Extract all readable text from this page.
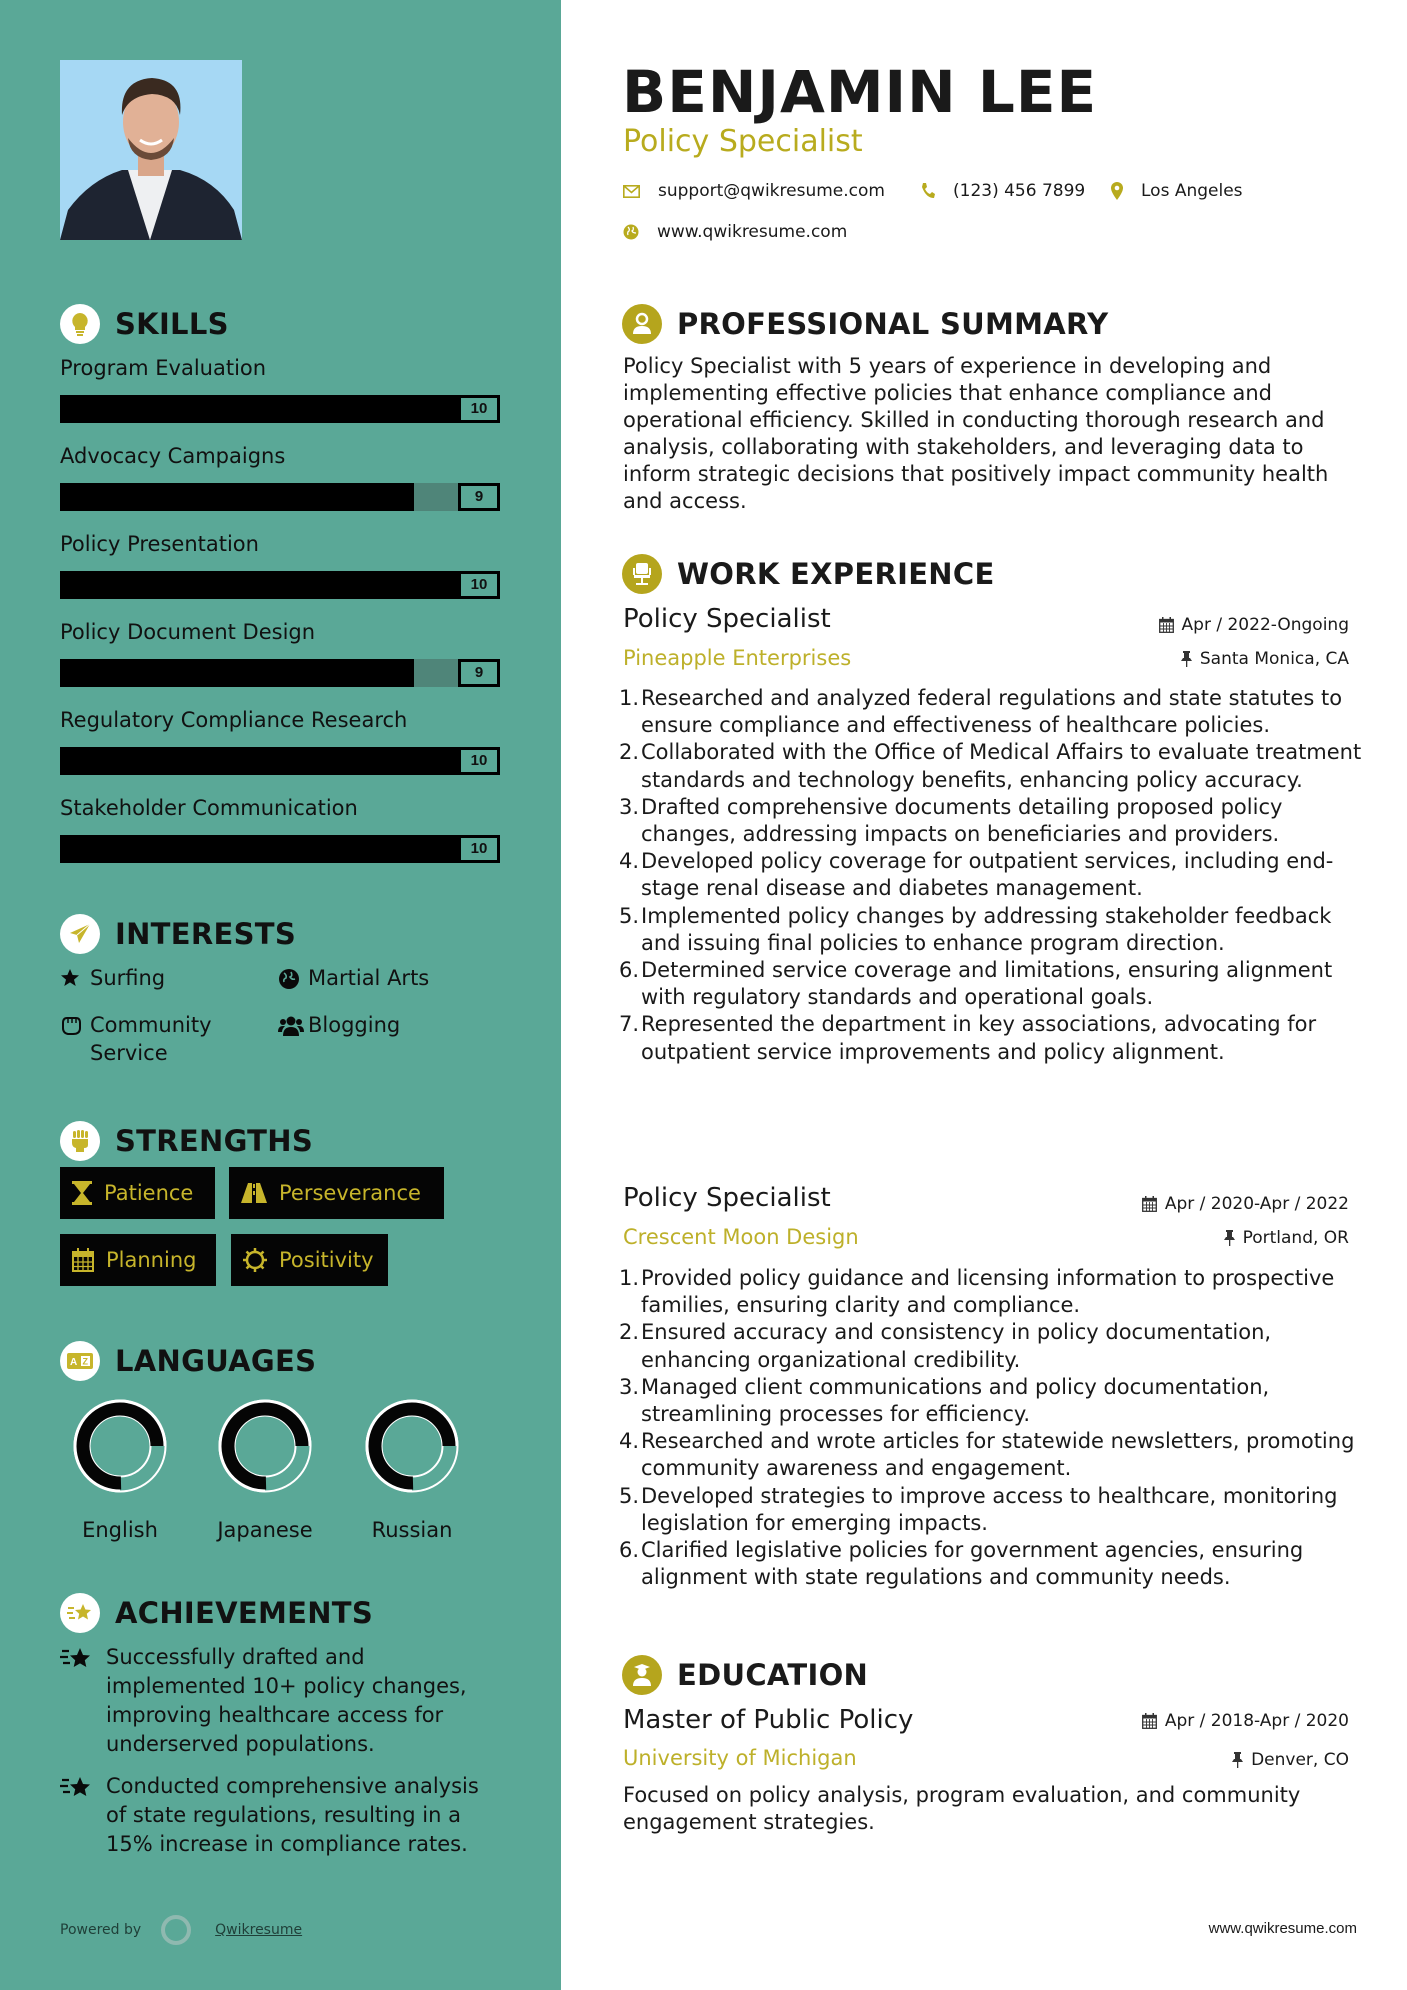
SKILLS
Program Evaluation
10
Advocacy Campaigns
9
Policy Presentation
10
Policy Document Design
9
Regulatory Compliance Research
10
Stakeholder Communication
10
INTERESTS
Surfing	Martial Arts
Community Service
Blogging
STRENGTHS
Patience	Perseverance
Planning	Positivity
A Z LANGUAGES
English	Japanese	Russian
ACHIEVEMENTS
Successfully drafted and implemented 10+ policy changes, improving healthcare access for underserved populations.
Conducted comprehensive analysis of state regulations, resulting in a 15% increase in compliance rates.
Powered by	Qwikresume
BENJAMIN LEE
Policy Specialist
support@qwikresume.com	(123) 456 7899	Los Angeles
www.qwikresume.com
PROFESSIONAL SUMMARY
Policy Specialist with 5 years of experience in developing and implementing effective policies that enhance compliance and operational efficiency. Skilled in conducting thorough research and analysis, collaborating with stakeholders, and leveraging data to inform strategic decisions that positively impact community health and access.
WORK EXPERIENCE
Policy Specialist	Apr / 2022-Ongoing
Pineapple Enterprises	Santa Monica, CA
1. Researched and analyzed federal regulations and state statutes to ensure compliance and effectiveness of healthcare policies.
2. Collaborated with the Office of Medical Affairs to evaluate treatment standards and technology benefits, enhancing policy accuracy.
3. Drafted comprehensive documents detailing proposed policy changes, addressing impacts on beneficiaries and providers.
4. Developed policy coverage for outpatient services, including end-stage renal disease and diabetes management.
5. Implemented policy changes by addressing stakeholder feedback and issuing final policies to enhance program direction.
6. Determined service coverage and limitations, ensuring alignment with regulatory standards and operational goals.
7. Represented the department in key associations, advocating for outpatient service improvements and policy alignment.
Policy Specialist	Apr / 2020-Apr / 2022
Crescent Moon Design	Portland, OR
1. Provided policy guidance and licensing information to prospective families, ensuring clarity and compliance.
2. Ensured accuracy and consistency in policy documentation, enhancing organizational credibility.
3. Managed client communications and policy documentation, streamlining processes for efficiency.
4. Researched and wrote articles for statewide newsletters, promoting community awareness and engagement.
5. Developed strategies to improve access to healthcare, monitoring legislation for emerging impacts.
6. Clarified legislative policies for government agencies, ensuring alignment with state regulations and community needs.
EDUCATION
Master of Public Policy	Apr / 2018-Apr / 2020
University of Michigan	Denver, CO
Focused on policy analysis, program evaluation, and community engagement strategies.
www.qwikresume.com
